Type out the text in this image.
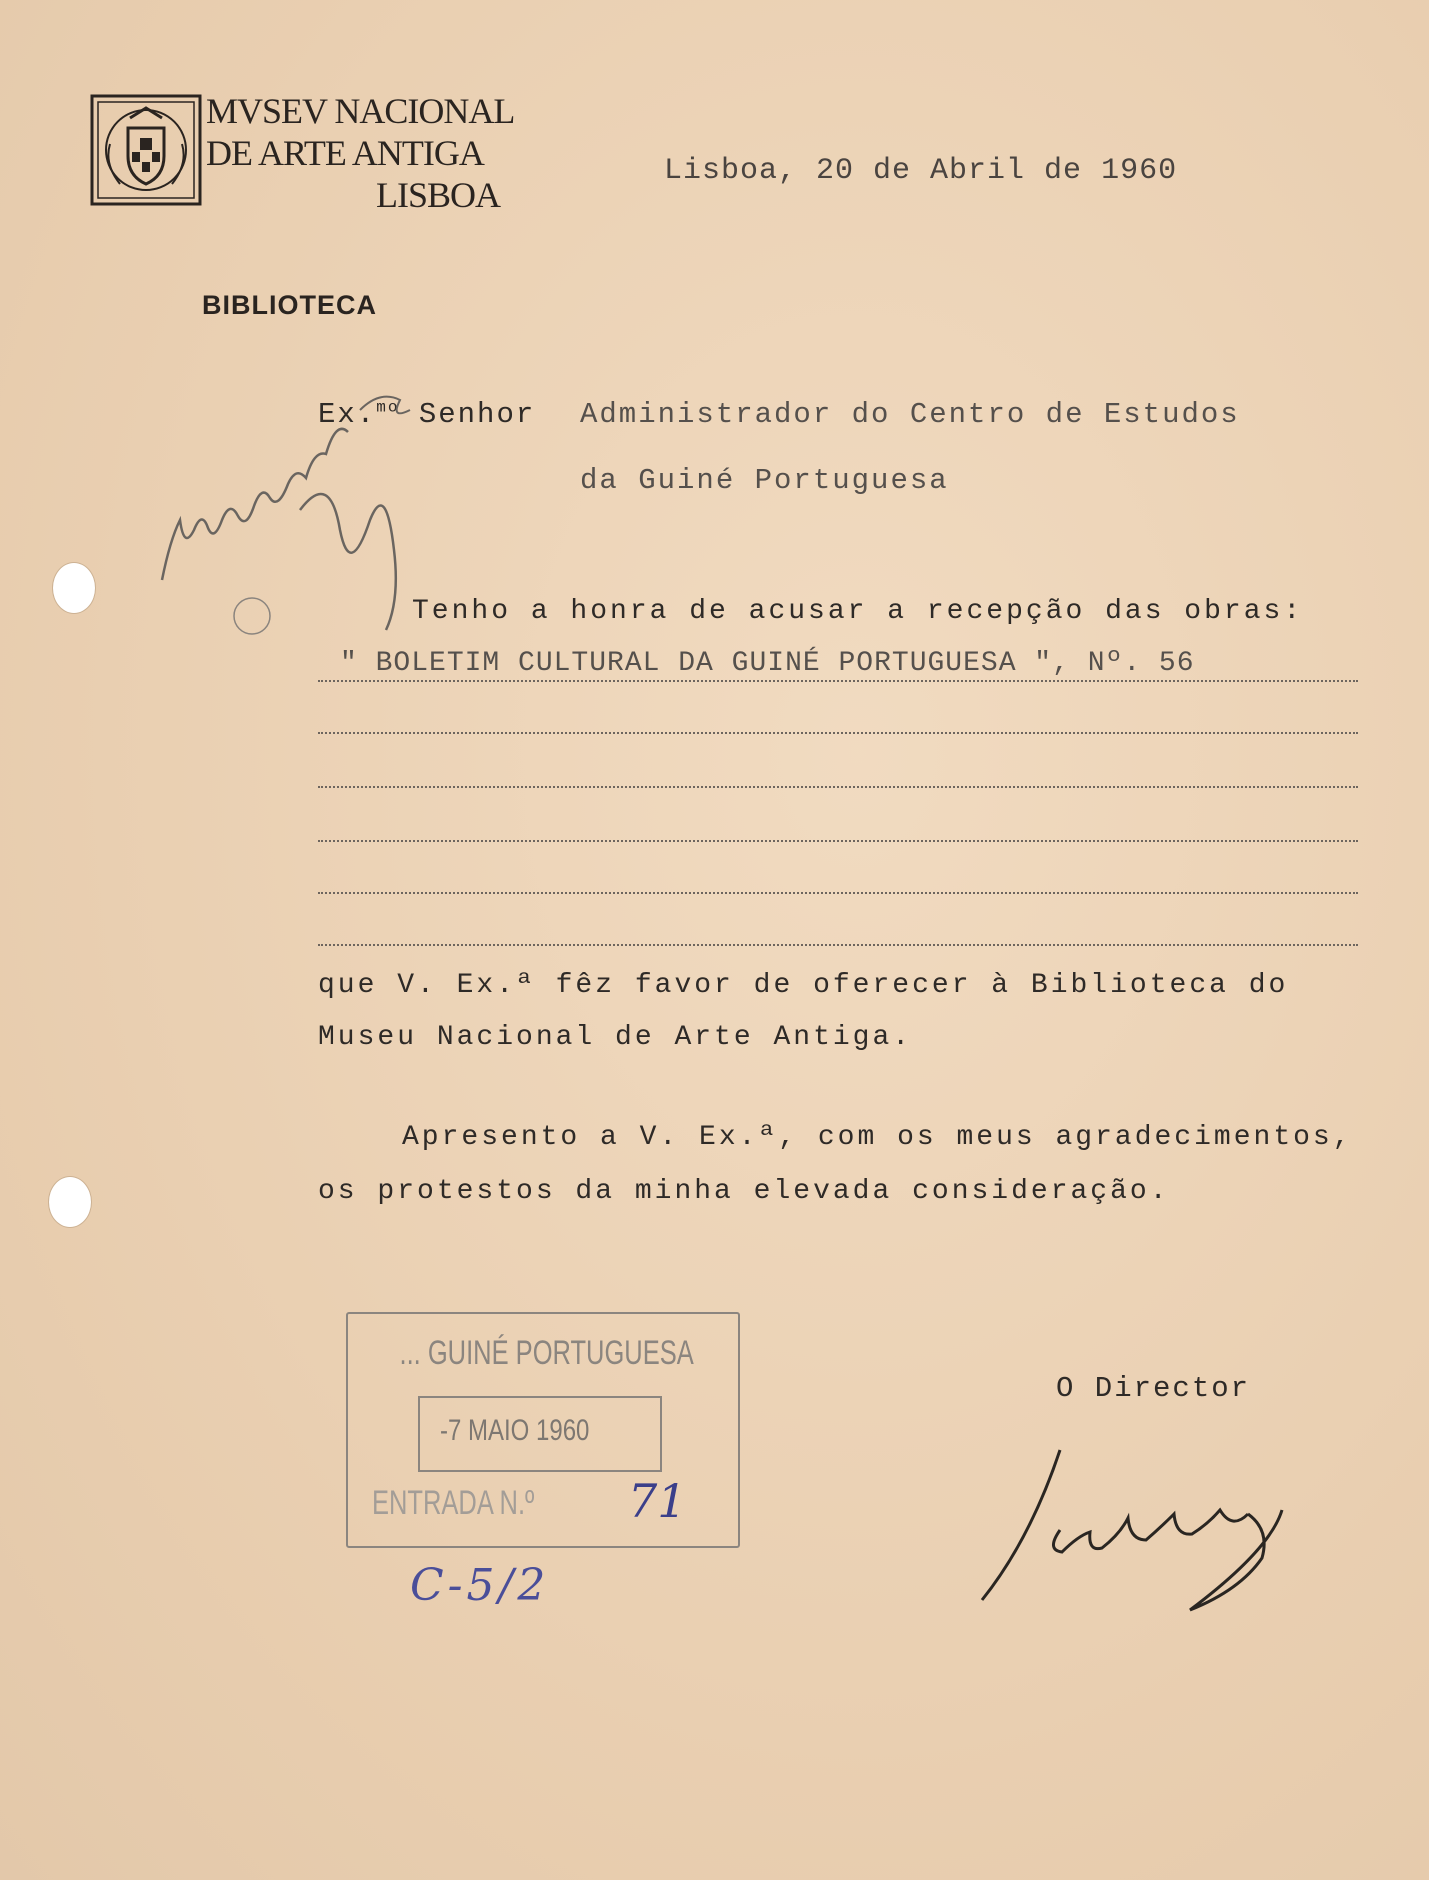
MVSEV NACIONAL
DE ARTE ANTIGA
LISBOA
Lisboa, 20 de Abril de 1960
BIBLIOTECA
Ex.$^{mo}$ Senhor Administrador do Centro de Estudos
da Guiné Portuguesa
Tenho a honra de acusar a recepção das obras:
" BOLETIM CULTURAL DA GUINÉ PORTUGUESA ", Nº. 56
que V. Ex.ª fêz favor de oferecer à Biblioteca do
Museu Nacional de Arte Antiga.
Apresento a V. Ex.ª, com os meus agradecimentos,
os protestos da minha elevada consideração.
... GUINÉ PORTUGUESA
-7 MAIO 1960
ENTRADA N.º 71
C-5/2
O Director
